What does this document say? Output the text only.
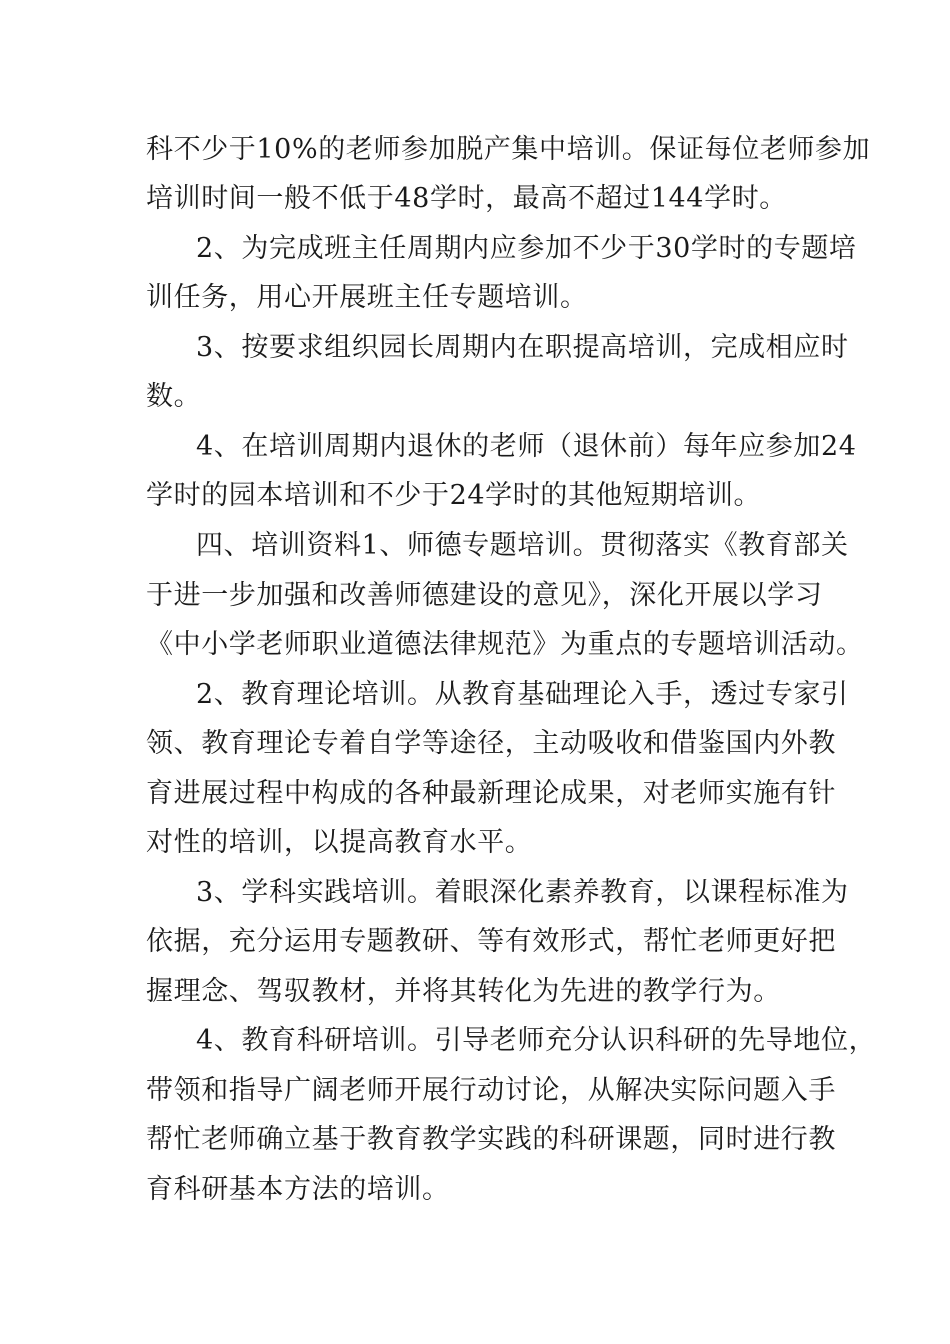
科不少于10%的老师参加脱产集中培训。保证每位老师参加
培训时间一般不低于48学时，最高不超过144学时。
2、为完成班主任周期内应参加不少于30学时的专题培
训任务，用心开展班主任专题培训。
3、按要求组织园长周期内在职提高培训，完成相应时
数。
4、在培训周期内退休的老师（退休前）每年应参加24
学时的园本培训和不少于24学时的其他短期培训。
四、培训资料1、师德专题培训。贯彻落实《教育部关
于进一步加强和改善师德建设的意见》，深化开展以学习
《中小学老师职业道德法律规范》为重点的专题培训活动。
2、教育理论培训。从教育基础理论入手，透过专家引
领、教育理论专着自学等途径，主动吸收和借鉴国内外教
育进展过程中构成的各种最新理论成果，对老师实施有针
对性的培训，以提高教育水平。
3、学科实践培训。着眼深化素养教育，以课程标准为
依据，充分运用专题教研、等有效形式，帮忙老师更好把
握理念、驾驭教材，并将其转化为先进的教学行为。
4、教育科研培训。引导老师充分认识科研的先导地位，
带领和指导广阔老师开展行动讨论，从解决实际问题入手
帮忙老师确立基于教育教学实践的科研课题，同时进行教
育科研基本方法的培训。
